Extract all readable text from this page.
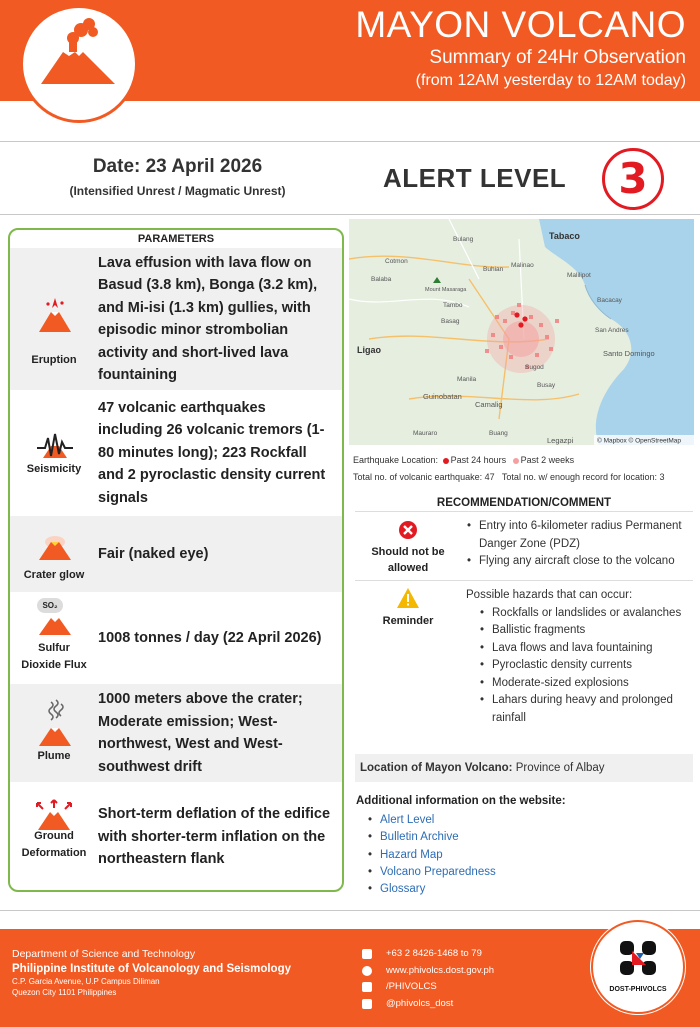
MAYON VOLCANO
Summary of 24Hr Observation
(from 12AM yesterday to 12AM today)
Date: 23 April 2026
(Intensified Unrest / Magmatic Unrest)	ALERT LEVEL	3
PARAMETERS
Eruption
Lava effusion with lava flow on Basud (3.8 km), Bonga (3.2 km), and Mi-isi (1.3 km) gullies, with episodic minor strombolian activity and short-lived lava fountaining
Seismicity
47 volcanic earthquakes including 26 volcanic tremors (1-80 minutes long); 223 Rockfall and 2 pyroclastic density current signals
Crater glow
Fair (naked eye)
SO₂
Sulfur
Dioxide Flux
1008 tonnes / day (22 April 2026)
Plume
1000 meters above the crater; Moderate emission; West-northwest, West and West-southwest drift
Ground
Deformation
Short-term deflation of the edifice with shorter-term inflation on the northeastern flank
Tabaco
Malilipot
Bacacay
San Andres
Santo Domingo
Ligao
Guinobatan
Camalig
Mauraro
Bulang
Cotmon
Balaba
Buhian
Malinao
Mount Masaraga
Tambo
Basag
Manila
Sugod
Busay
Buang
Legazpi	© Mapbox © OpenStreetMap
Earthquake Location: Past 24 hours Past 2 weeks
Total no. of volcanic earthquake: 47   Total no. w/ enough record for location: 3
RECOMMENDATION/COMMENT
Should not be
allowed
• Entry into 6-kilometer radius Permanent Danger Zone (PDZ)
• Flying any aircraft close to the volcano
Reminder
Possible hazards that can occur:
• Rockfalls or landslides or avalanches
• Ballistic fragments
• Lava flows and lava fountaining
• Pyroclastic density currents
• Moderate-sized explosions
• Lahars during heavy and prolonged rainfall
Location of Mayon Volcano: Province of Albay
Additional information on the website:
• Alert Level
• Bulletin Archive
• Hazard Map
• Volcano Preparedness
• Glossary
Department of Science and Technology
Philippine Institute of Volcanology and Seismology
C.P. Garcia Avenue, U.P Campus Diliman
Quezon City 1101 Philippines
+63 2 8426-1468 to 79
www.phivolcs.dost.gov.ph
/PHIVOLCS
@phivolcs_dost
DOST-PHIVOLCS
